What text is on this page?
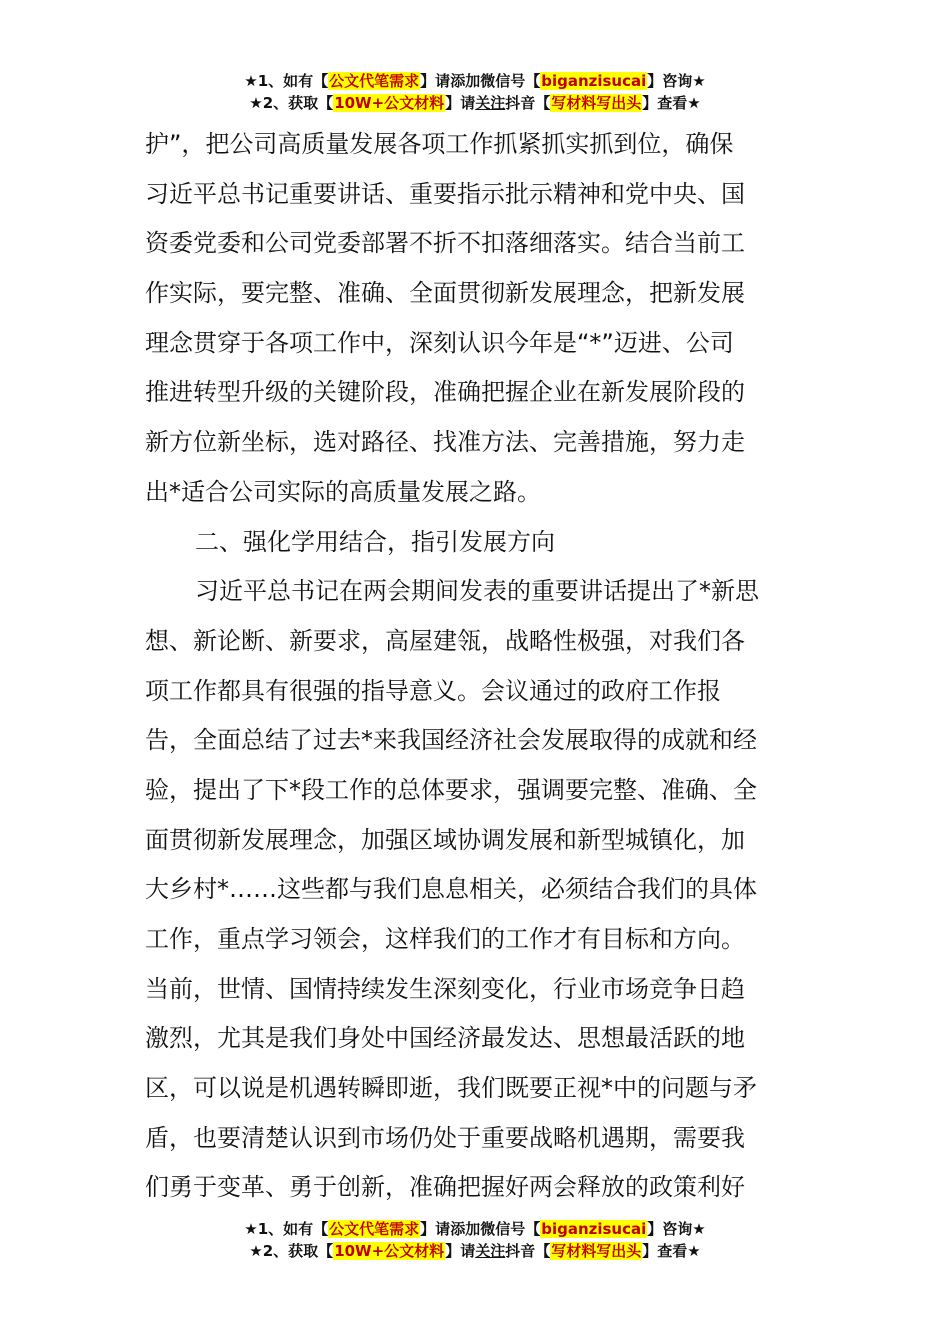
★1、如有【公文代笔需求】请添加微信号【biganzisucai】咨询★
★2、获取【10W+公文材料】请关注抖音【写材料写出头】查看★
护”，把公司高质量发展各项工作抓紧抓实抓到位，确保
习近平总书记重要讲话、重要指示批示精神和党中央、国
资委党委和公司党委部署不折不扣落细落实。结合当前工
作实际，要完整、准确、全面贯彻新发展理念，把新发展
理念贯穿于各项工作中，深刻认识今年是“*”迈进、公司
推进转型升级的关键阶段，准确把握企业在新发展阶段的
新方位新坐标，选对路径、找准方法、完善措施，努力走
出*适合公司实际的高质量发展之路。
二、强化学用结合，指引发展方向
习近平总书记在两会期间发表的重要讲话提出了*新思
想、新论断、新要求，高屋建瓴，战略性极强，对我们各
项工作都具有很强的指导意义。会议通过的政府工作报
告，全面总结了过去*来我国经济社会发展取得的成就和经
验，提出了下*段工作的总体要求，强调要完整、准确、全
面贯彻新发展理念，加强区域协调发展和新型城镇化，加
大乡村*……这些都与我们息息相关，必须结合我们的具体
工作，重点学习领会，这样我们的工作才有目标和方向。
当前，世情、国情持续发生深刻变化，行业市场竞争日趋
激烈，尤其是我们身处中国经济最发达、思想最活跃的地
区，可以说是机遇转瞬即逝，我们既要正视*中的问题与矛
盾，也要清楚认识到市场仍处于重要战略机遇期，需要我
们勇于变革、勇于创新，准确把握好两会释放的政策利好
★1、如有【公文代笔需求】请添加微信号【biganzisucai】咨询★
★2、获取【10W+公文材料】请关注抖音【写材料写出头】查看★
